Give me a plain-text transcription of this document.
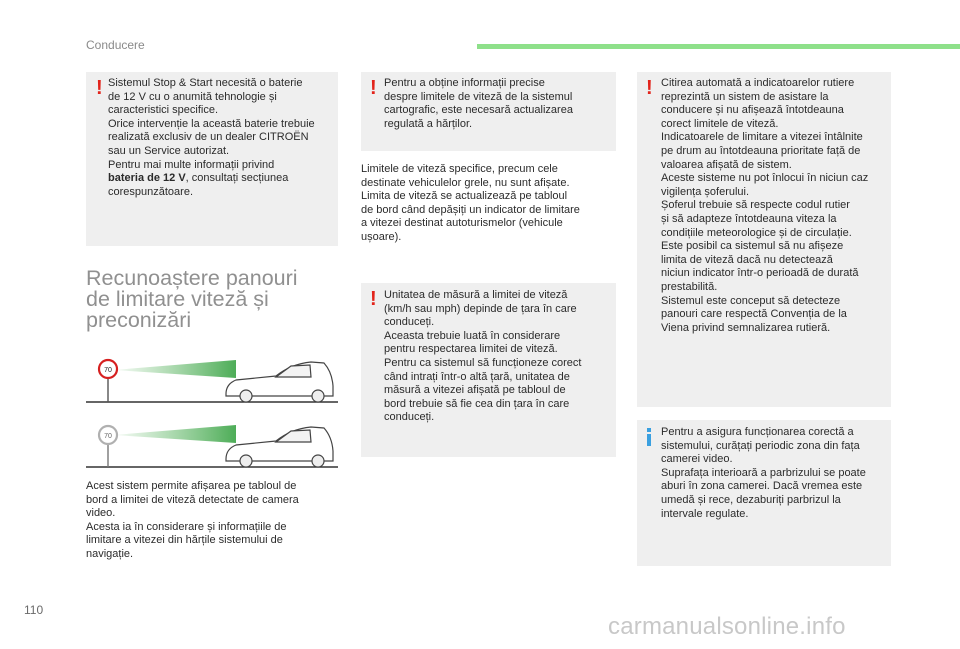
Conducere
! Sistemul Stop & Start necesită o baterie
de 12 V cu o anumită tehnologie și
caracteristici specifice.
Orice intervenție la această baterie trebuie
realizată exclusiv de un dealer CITROËN
sau un Service autorizat.
Pentru mai multe informații privind
bateria de 12 V, consultați secțiunea
corespunzătoare.

Recunoaștere panouri
de limitare viteză și
preconizări
70
70
Acest sistem permite afișarea pe tabloul de
bord a limitei de viteză detectate de camera
video.
Acesta ia în considerare și informațiile de
limitare a vitezei din hărțile sistemului de
navigație.
! Pentru a obține informații precise
despre limitele de viteză de la sistemul
cartografic, este necesară actualizarea
regulată a hărților.

Limitele de viteză specifice, precum cele
destinate vehiculelor grele, nu sunt afișate.
Limita de viteză se actualizează pe tabloul
de bord când depășiți un indicator de limitare
a vitezei destinat autoturismelor (vehicule
ușoare).
! Unitatea de măsură a limitei de viteză
(km/h sau mph) depinde de țara în care
conduceți.
Aceasta trebuie luată în considerare
pentru respectarea limitei de viteză.
Pentru ca sistemul să funcționeze corect
când intrați într-o altă țară, unitatea de
măsură a vitezei afișată pe tabloul de
bord trebuie să fie cea din țara în care
conduceți.

! Citirea automată a indicatoarelor rutiere
reprezintă un sistem de asistare la
conducere și nu afișează întotdeauna
corect limitele de viteză.
Indicatoarele de limitare a vitezei întâlnite
pe drum au întotdeauna prioritate față de
valoarea afișată de sistem.
Aceste sisteme nu pot înlocui în niciun caz
vigilența șoferului.
Șoferul trebuie să respecte codul rutier
și să adapteze întotdeauna viteza la
condițiile meteorologice și de circulație.
Este posibil ca sistemul să nu afișeze
limita de viteză dacă nu detectează
niciun indicator într-o perioadă de durată
prestabilită.
Sistemul este conceput să detecteze
panouri care respectă Convenția de la
Viena privind semnalizarea rutieră.

Pentru a asigura funcționarea corectă a
sistemului, curățați periodic zona din fața
camerei video.
Suprafața interioară a parbrizului se poate
aburi în zona camerei. Dacă vremea este
umedă și rece, dezaburiți parbrizul la
intervale regulate.

110
carmanualsonline.info
